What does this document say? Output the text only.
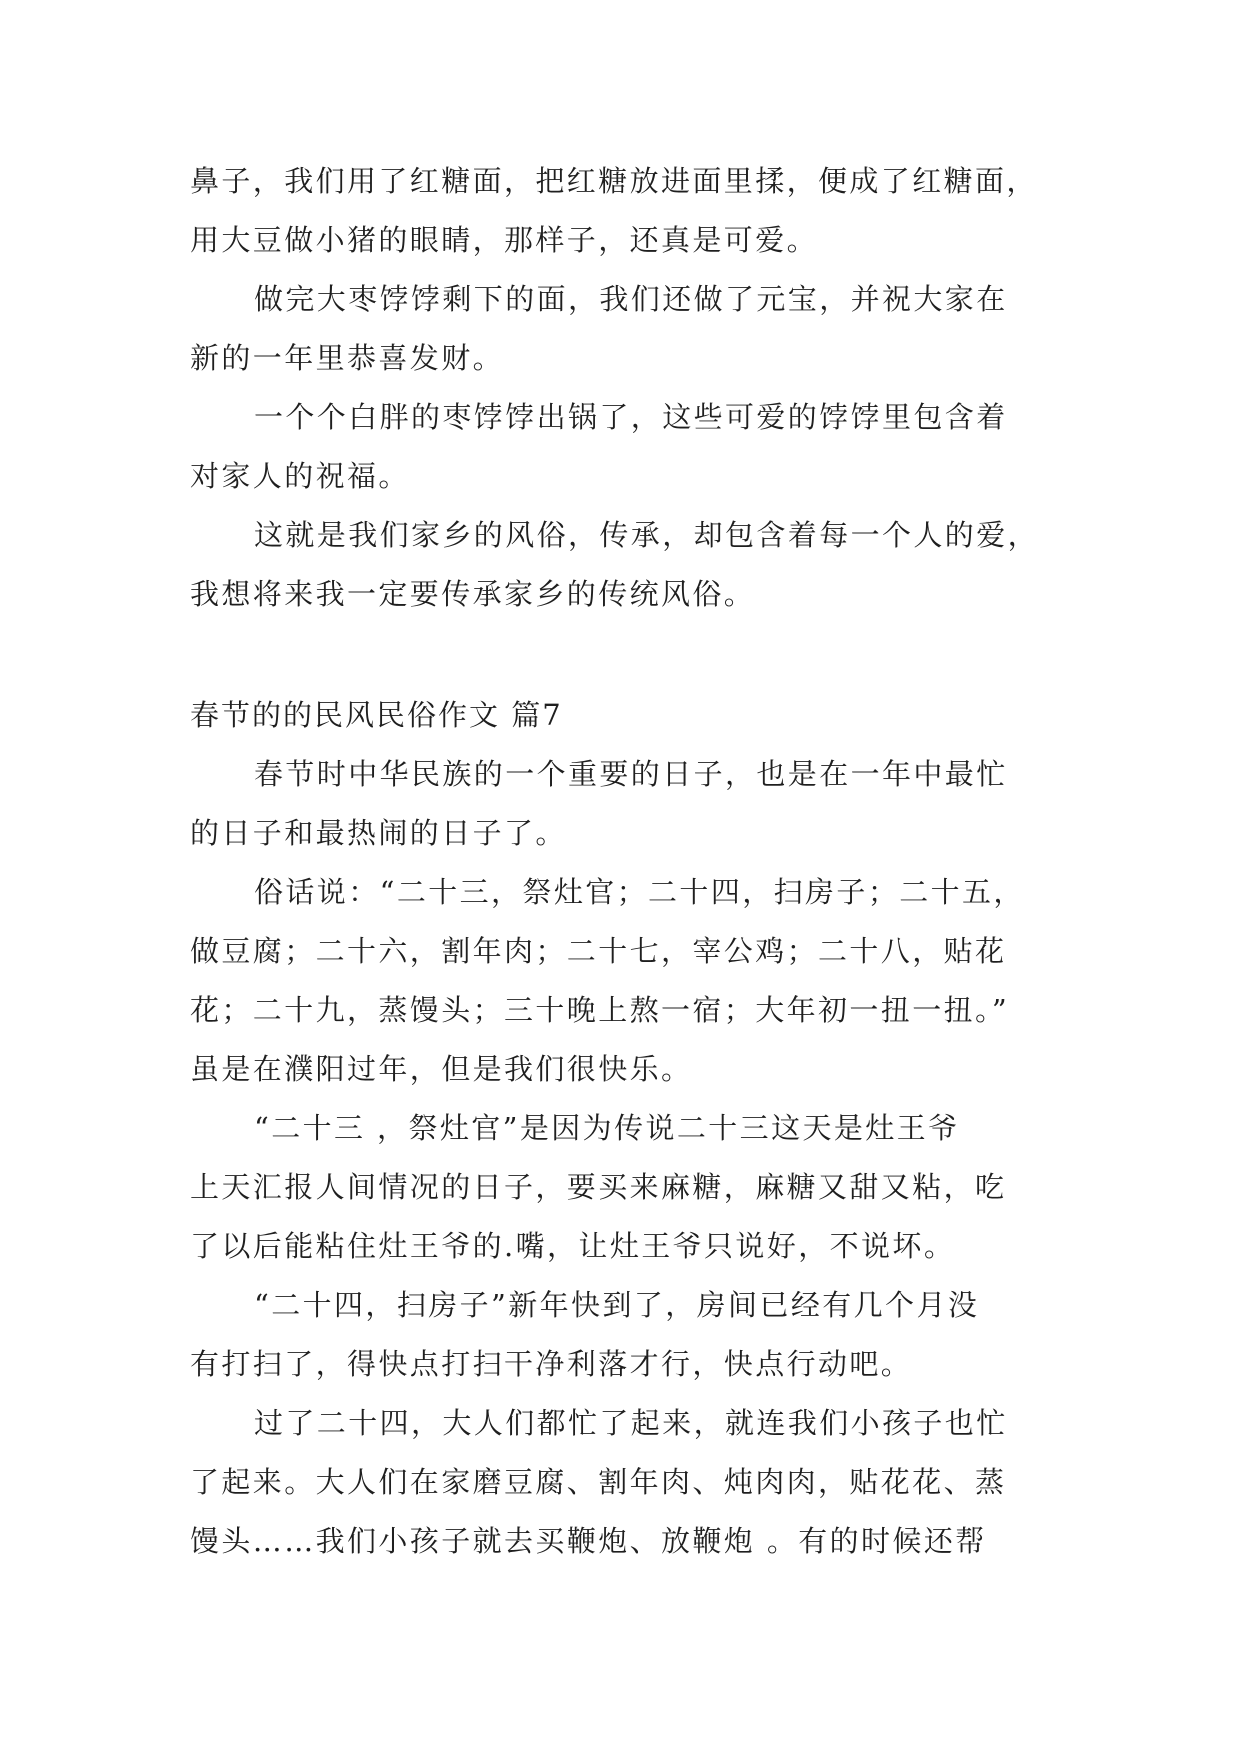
鼻子，我们用了红糖面，把红糖放进面里揉，便成了红糖面，
用大豆做小猪的眼睛，那样子，还真是可爱。
做完大枣饽饽剩下的面，我们还做了元宝，并祝大家在
新的一年里恭喜发财。
一个个白胖的枣饽饽出锅了，这些可爱的饽饽里包含着
对家人的祝福。
这就是我们家乡的风俗，传承，却包含着每一个人的爱，
我想将来我一定要传承家乡的传统风俗。
春节的的民风民俗作文 篇7
春节时中华民族的一个重要的日子，也是在一年中最忙
的日子和最热闹的日子了。
俗话说：“二十三，祭灶官；二十四，扫房子；二十五，
做豆腐；二十六，割年肉；二十七，宰公鸡；二十八，贴花
花；二十九，蒸馒头；三十晚上熬一宿；大年初一扭一扭。”
虽是在濮阳过年，但是我们很快乐。
“二十三 ，祭灶官”是因为传说二十三这天是灶王爷
上天汇报人间情况的日子，要买来麻糖，麻糖又甜又粘，吃
了以后能粘住灶王爷的.嘴，让灶王爷只说好，不说坏。
“二十四，扫房子”新年快到了，房间已经有几个月没
有打扫了，得快点打扫干净利落才行，快点行动吧。
过了二十四，大人们都忙了起来，就连我们小孩子也忙
了起来。大人们在家磨豆腐、割年肉、炖肉肉，贴花花、蒸
馒头……我们小孩子就去买鞭炮、放鞭炮 。有的时候还帮
